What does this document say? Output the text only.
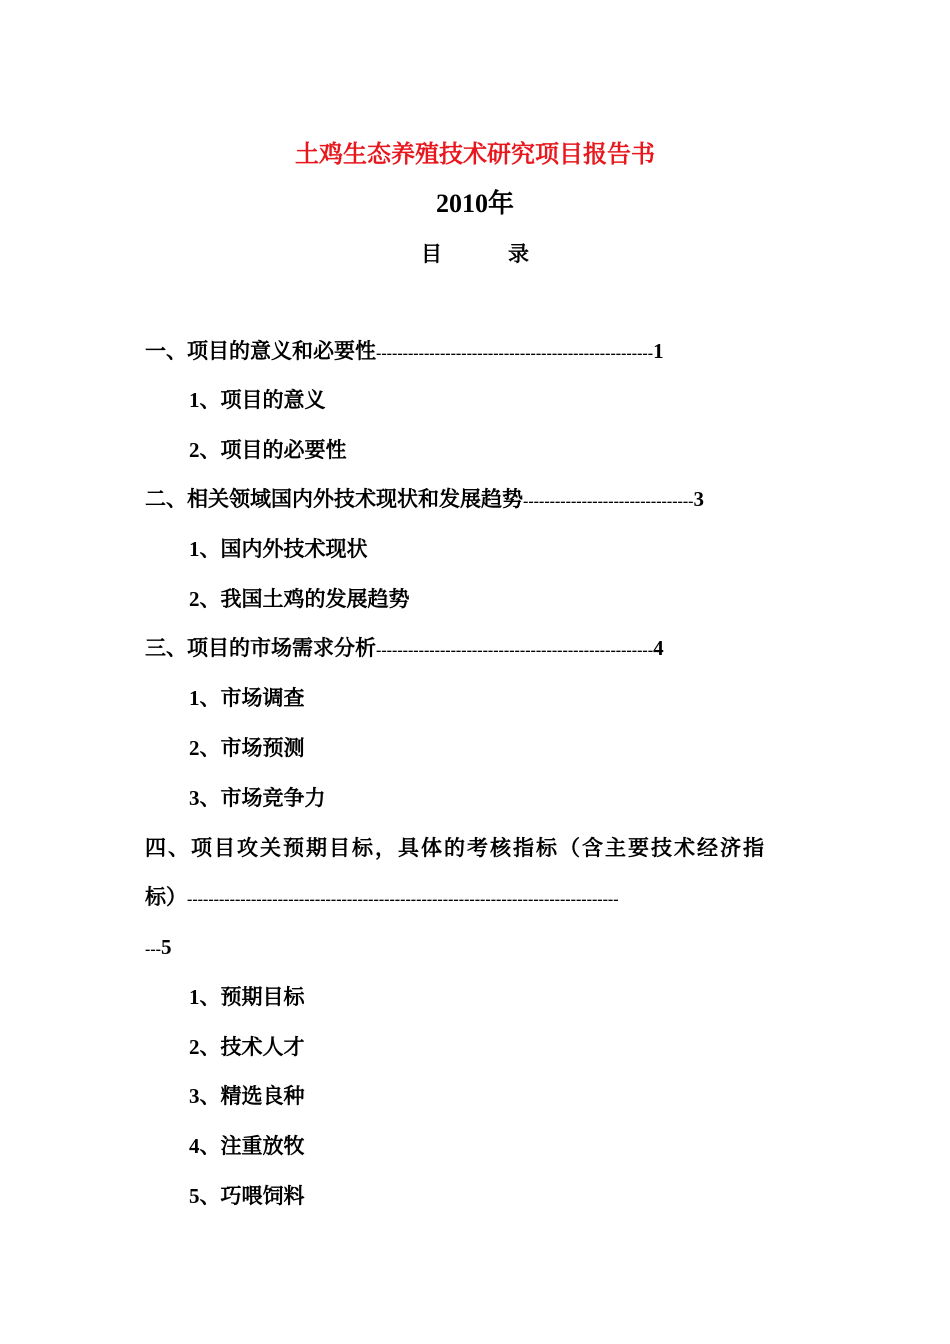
土鸡生态养殖技术研究项目报告书
2010年
目	录
一、项目的意义和必要性----------------------------------------------------1
1、项目的意义
2、项目的必要性
二、相关领域国内外技术现状和发展趋势--------------------------------3
1、国内外技术现状
2、我国土鸡的发展趋势
三、项目的市场需求分析----------------------------------------------------4
1、市场调查
2、市场预测
3、市场竞争力
四、项目攻关预期目标，具体的考核指标（含主要技术经济指
标）---------------------------------------------------------------------------------
---5
1、预期目标
2、技术人才
3、精选良种
4、注重放牧
5、巧喂饲料
